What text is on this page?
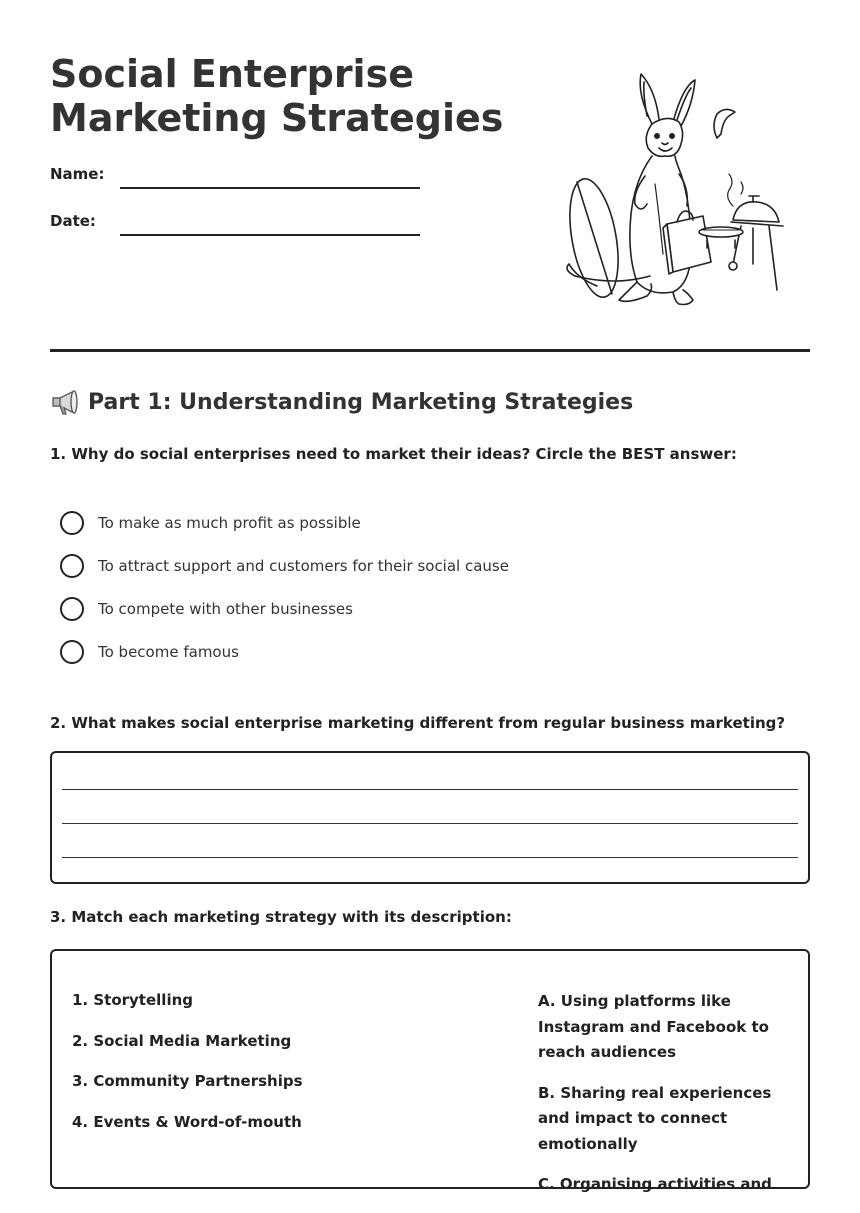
Social Enterprise
Marketing Strategies
Name:
Date:
Part 1: Understanding Marketing Strategies

1. Why do social enterprises need to market their ideas? Circle the BEST answer:

To make as much profit as possible
To attract support and customers for their social cause
To compete with other businesses
To become famous

2. What makes social enterprise marketing different from regular business marketing?

3. Match each marketing strategy with its description:

1. Storytelling
2. Social Media Marketing
3. Community Partnerships
4. Events & Word-of-mouth

A. Using platforms like Instagram and Facebook to reach audiences

B. Sharing real experiences and impact to connect emotionally

C. Organising activities and
